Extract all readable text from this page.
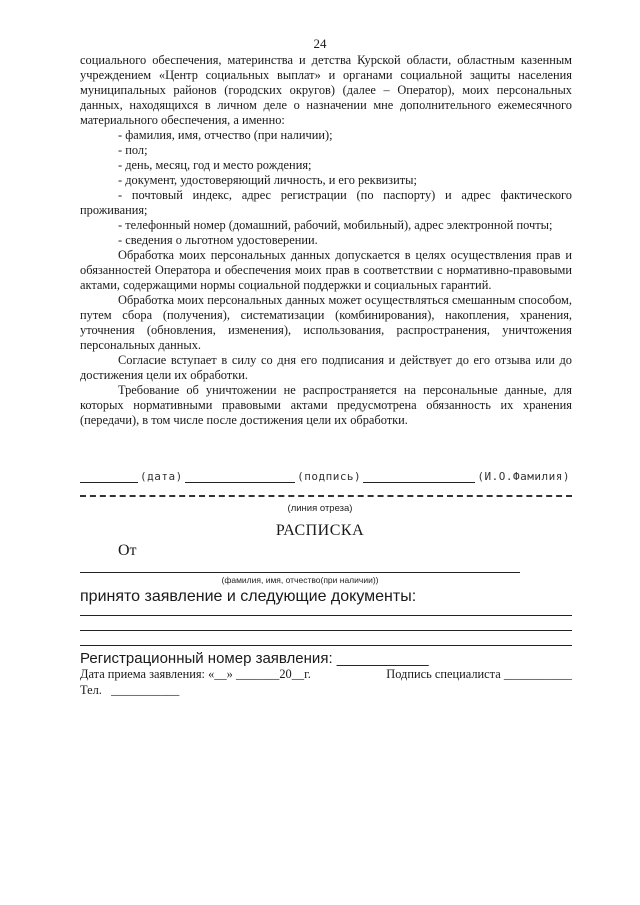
24

социального обеспечения, материнства и детства Курской области, областным казенным учреждением «Центр социальных выплат» и органами социальной защиты населения муниципальных районов (городских округов) (далее – Оператор), моих персональных данных, находящихся в личном деле о назначении мне дополнительного ежемесячного материального обеспечения, а именно:

- фамилия, имя, отчество (при наличии);

- пол;

- день, месяц, год и место рождения;

- документ, удостоверяющий личность, и его реквизиты;

- почтовый индекс, адрес регистрации (по паспорту) и адрес фактического проживания;

- телефонный номер (домашний, рабочий, мобильный), адрес электронной почты;

- сведения о льготном удостоверении.

Обработка моих персональных данных допускается в целях осуществления прав и обязанностей Оператора и обеспечения моих прав в соответствии с нормативно-правовыми актами, содержащими нормы социальной поддержки и социальных гарантий.

Обработка моих персональных данных может осуществляться смешанным способом, путем сбора (получения), систематизации (комбинирования), накопления, хранения, уточнения (обновления, изменения), использования, распространения, уничтожения персональных данных.

Согласие вступает в силу со дня его подписания и действует до его отзыва или до достижения цели их обработки.

Требование об уничтожении не распространяется на персональные данные, для которых нормативными правовыми актами предусмотрена обязанность их хранения (передачи), в том числе после достижения цели их обработки.

(дата)	(подпись)	(И.О.Фамилия)
(линия отреза)
РАСПИСКА
От
(фамилия, имя, отчество(при наличии))
принято заявление и следующие документы:
Регистрационный номер заявления: ___________
Дата приема заявления: «__» _______20__г.	Подпись специалиста ___________
Тел.   ___________
